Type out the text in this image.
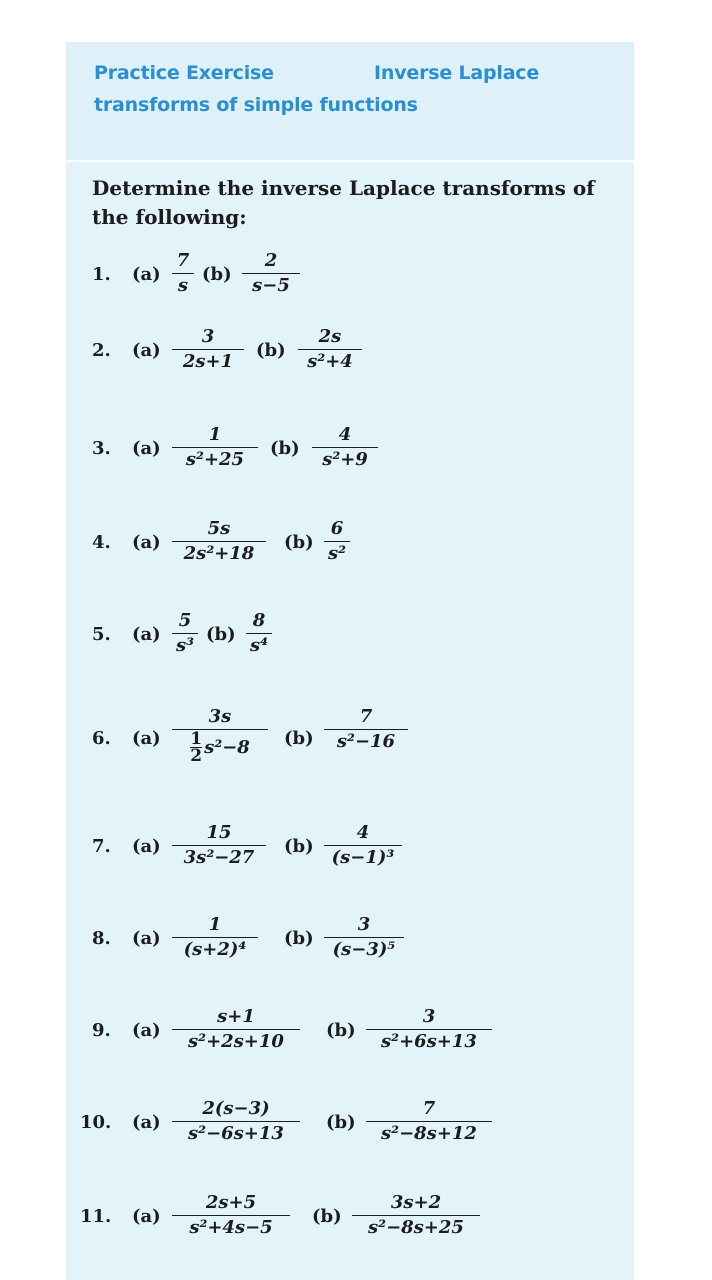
Practice Exercise	Inverse Laplace
transforms of simple functions
Determine the inverse Laplace transforms of the following:
1. (a)
7
s
(b)
2
s−5
2. (a)
3
2s+1
(b)
2s
s²+4
3. (a)
1
s²+25
(b)
4
s²+9
4. (a)
5s
2s²+18
(b)
6
s²
5. (a)
5
s³
(b)
8
s⁴
6. (a)
3s
1
2 s²−8 (b)
7
s²−16
7. (a)
15
3s²−27
(b)
4
(s−1)³
8. (a)
1
(s+2)⁴
(b)
3
(s−3)⁵
9. (a)
s+1
s²+2s+10
(b)
3
s²+6s+13
10. (a)
2(s−3)
s²−6s+13
(b)
7
s²−8s+12
11. (a)
2s+5
s²+4s−5
(b)
3s+2
s²−8s+25
